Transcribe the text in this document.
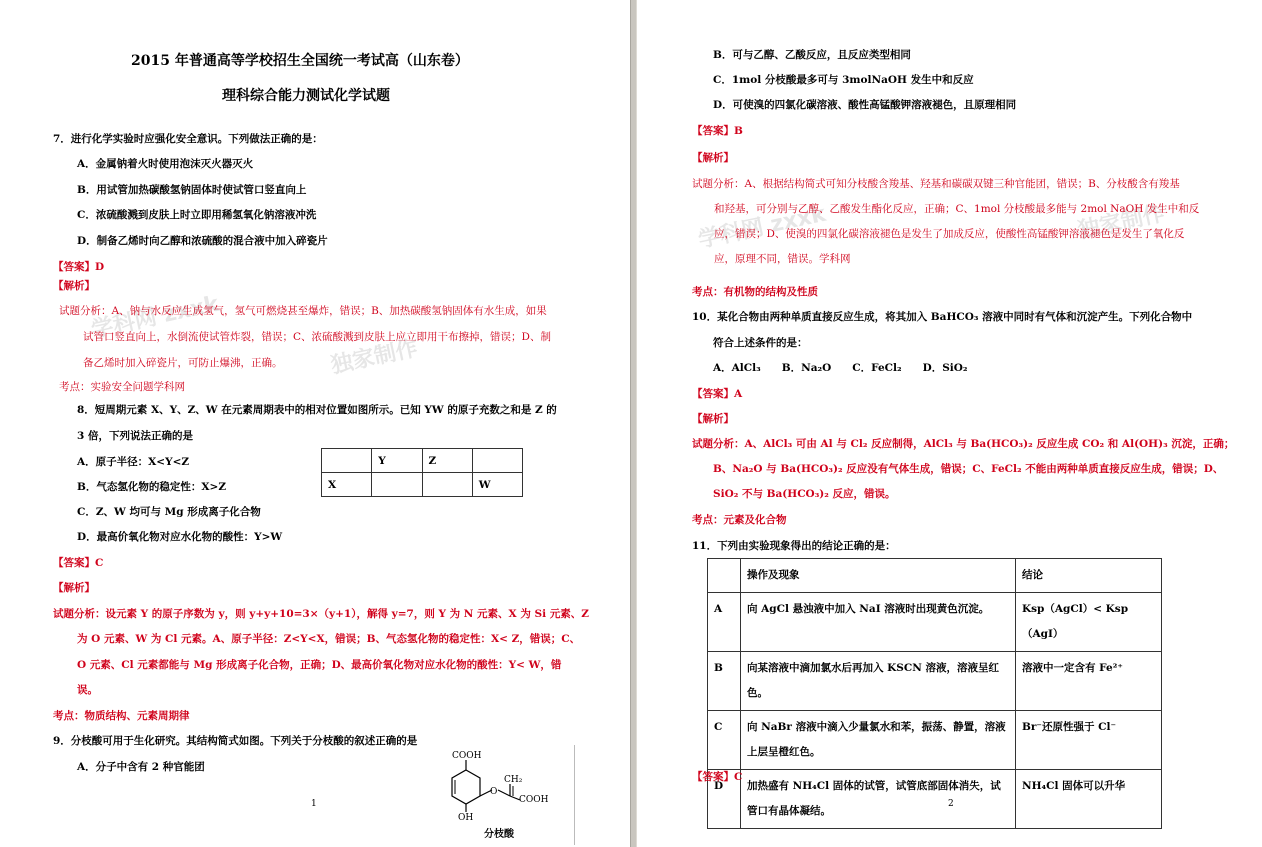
学科网 zxxk
独家制作
2015 年普通高等学校招生全国统一考试高（山东卷）
理科综合能力测试化学试题
7．进行化学实验时应强化安全意识。下列做法正确的是：
A．金属钠着火时使用泡沫灭火器灭火
B．用试管加热碳酸氢钠固体时使试管口竖直向上
C．浓硫酸溅到皮肤上时立即用稀氢氧化钠溶液冲洗
D．制备乙烯时向乙醇和浓硫酸的混合液中加入碎瓷片
【答案】D
【解析】
试题分析：A、钠与水反应生成氢气，氢气可燃烧甚至爆炸，错误；B、加热碳酸氢钠固体有水生成，如果
试管口竖直向上，水倒流使试管炸裂，错误；C、浓硫酸溅到皮肤上应立即用干布擦掉，错误；D、制
备乙烯时加入碎瓷片，可防止爆沸，正确。
考点：实验安全问题学科网
8．短周期元素 X、Y、Z、W 在元素周期表中的相对位置如图所示。已知 YW 的原子充数之和是 Z 的
3 倍，下列说法正确的是
A．原子半径：X<Y<Z
B．气态氢化物的稳定性：X>Z
C．Z、W 均可与 Mg 形成离子化合物
D．最高价氧化物对应水化物的酸性：Y>W
	Y	Z	
X			W
【答案】C
【解析】
试题分析：设元素 Y 的原子序数为 y，则 y+y+10=3×（y+1），解得 y=7，则 Y 为 N 元素、X 为 Si 元素、Z
为 O 元素、W 为 Cl 元素。A、原子半径：Z<Y<X，错误；B、气态氢化物的稳定性：X< Z，错误；C、
O 元素、Cl 元素都能与 Mg 形成离子化合物，正确；D、最高价氧化物对应水化物的酸性：Y< W，错
误。
考点：物质结构、元素周期律
9．分枝酸可用于生化研究。其结构简式如图。下列关于分枝酸的叙述正确的是
A．分子中含有 2 种官能团
COOH
CH₂
O
COOH
OH
分枝酸
1
学科网 zxxk	独家制作
B．可与乙醇、乙酸反应，且反应类型相同
C．1mol 分枝酸最多可与 3molNaOH 发生中和反应
D．可使溴的四氯化碳溶液、酸性高锰酸钾溶液褪色，且原理相同
【答案】B
【解析】
试题分析：A、根据结构简式可知分枝酸含羧基、羟基和碳碳双键三种官能团，错误；B、分枝酸含有羧基
和羟基，可分别与乙醇、乙酸发生酯化反应，正确；C、1mol 分枝酸最多能与 2mol NaOH 发生中和反
应，错误；D、使溴的四氯化碳溶液褪色是发生了加成反应，使酸性高锰酸钾溶液褪色是发生了氧化反
应，原理不同，错误。学科网
考点：有机物的结构及性质
10．某化合物由两种单质直接反应生成，将其加入 BaHCO₃ 溶液中同时有气体和沉淀产生。下列化合物中
符合上述条件的是：
A．AlCl₃　　B．Na₂O　　C．FeCl₂　　D．SiO₂
【答案】A
【解析】
试题分析：A、AlCl₃ 可由 Al 与 Cl₂ 反应制得，AlCl₃ 与 Ba(HCO₃)₂ 反应生成 CO₂ 和 Al(OH)₃ 沉淀，正确；
B、Na₂O 与 Ba(HCO₃)₂ 反应没有气体生成，错误；C、FeCl₂ 不能由两种单质直接反应生成，错误；D、
SiO₂ 不与 Ba(HCO₃)₂ 反应，错误。
考点：元素及化合物
11．下列由实验现象得出的结论正确的是：
	操作及现象	结论
A	向 AgCl 悬浊液中加入 NaI 溶液时出现黄色沉淀。	Ksp（AgCl）< Ksp（AgI）
B	向某溶液中滴加氯水后再加入 KSCN 溶液，溶液呈红色。	溶液中一定含有 Fe²⁺
C	向 NaBr 溶液中滴入少量氯水和苯，振荡、静置，溶液上层呈橙红色。	Br⁻还原性强于 Cl⁻
D	加热盛有 NH₄Cl 固体的试管，试管底部固体消失，试管口有晶体凝结。	NH₄Cl 固体可以升华
【答案】C
2
